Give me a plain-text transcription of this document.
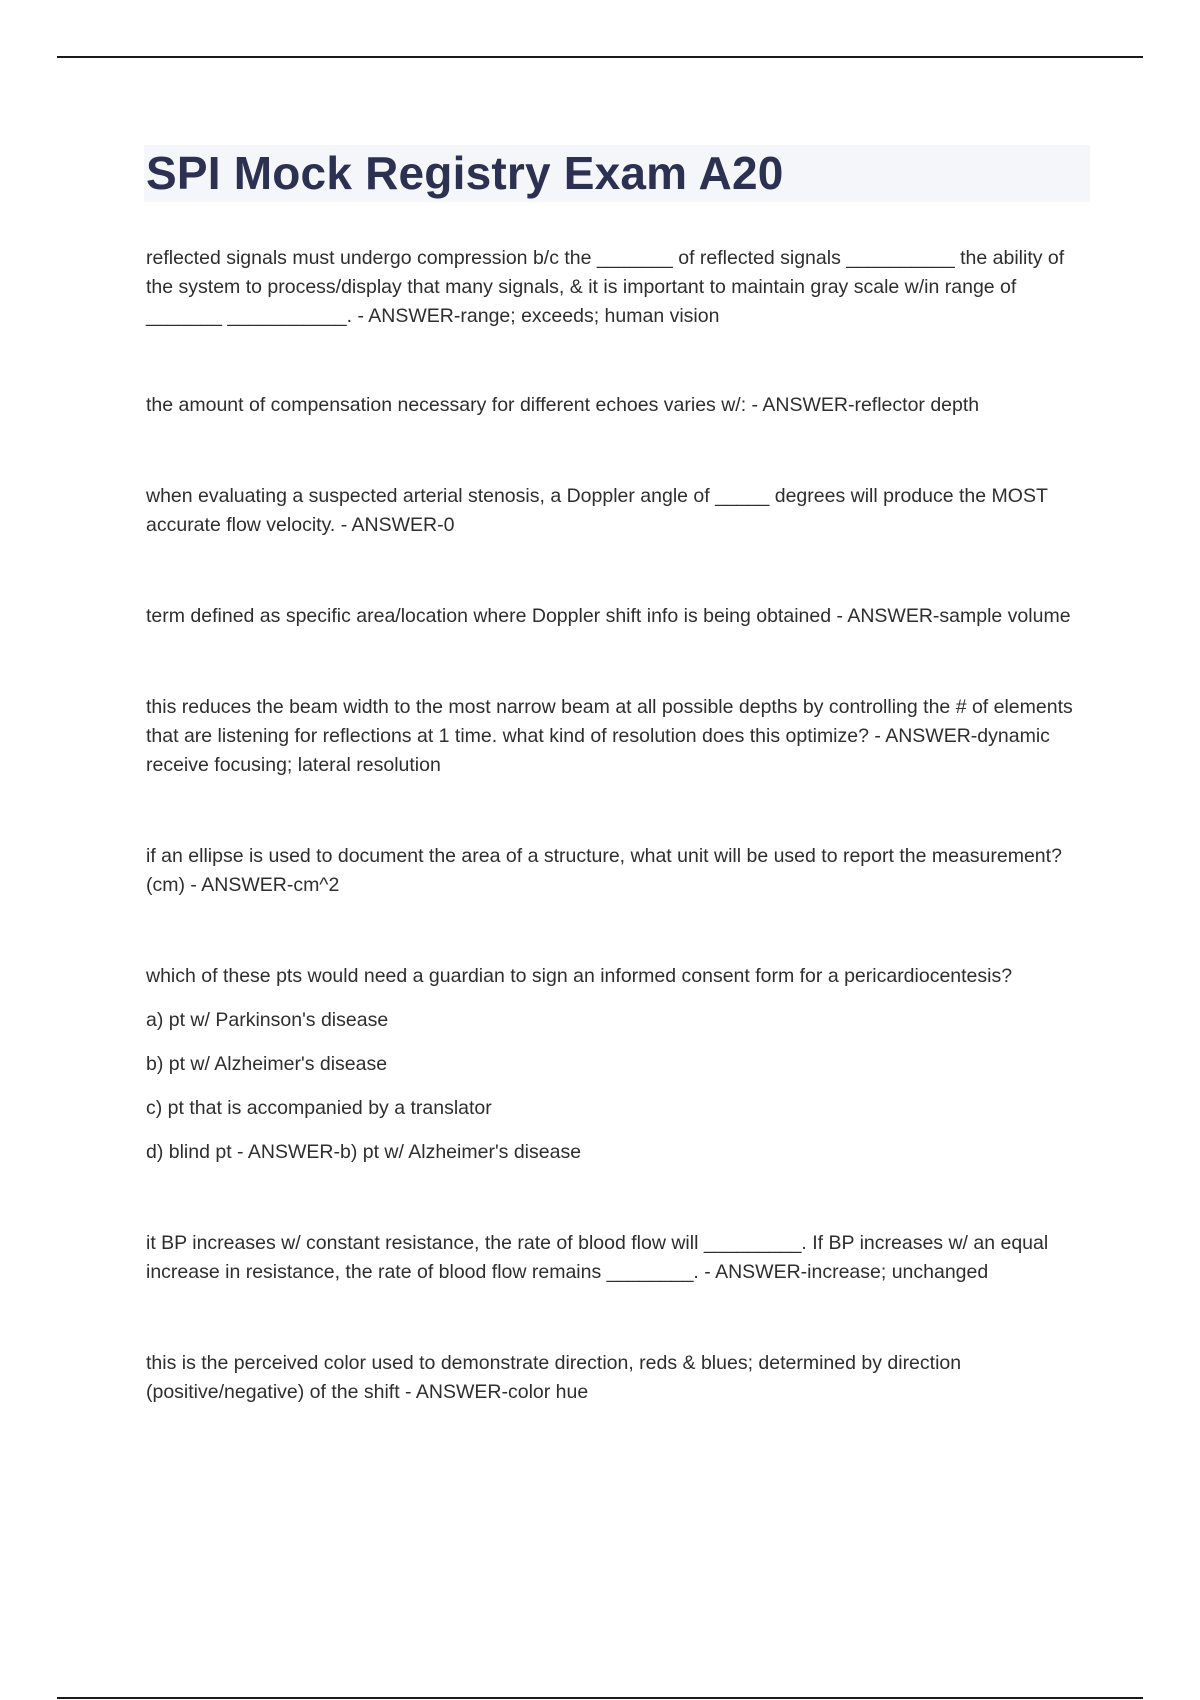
SPI Mock Registry Exam A20

reflected signals must undergo compression b/c the _______ of reflected signals __________ the ability of the system to process/display that many signals, & it is important to maintain gray scale w/in range of _______ ___________. - ANSWER-range; exceeds; human vision

the amount of compensation necessary for different echoes varies w/: - ANSWER-reflector depth

when evaluating a suspected arterial stenosis, a Doppler angle of _____ degrees will produce the MOST accurate flow velocity. - ANSWER-0

term defined as specific area/location where Doppler shift info is being obtained - ANSWER-sample volume

this reduces the beam width to the most narrow beam at all possible depths by controlling the # of elements that are listening for reflections at 1 time. what kind of resolution does this optimize? - ANSWER-dynamic receive focusing; lateral resolution

if an ellipse is used to document the area of a structure, what unit will be used to report the measurement? (cm) - ANSWER-cm^2

which of these pts would need a guardian to sign an informed consent form for a pericardiocentesis?

a) pt w/ Parkinson's disease

b) pt w/ Alzheimer's disease

c) pt that is accompanied by a translator

d) blind pt - ANSWER-b) pt w/ Alzheimer's disease

it BP increases w/ constant resistance, the rate of blood flow will _________. If BP increases w/ an equal increase in resistance, the rate of blood flow remains ________. - ANSWER-increase; unchanged

this is the perceived color used to demonstrate direction, reds & blues; determined by direction (positive/negative) of the shift - ANSWER-color hue
